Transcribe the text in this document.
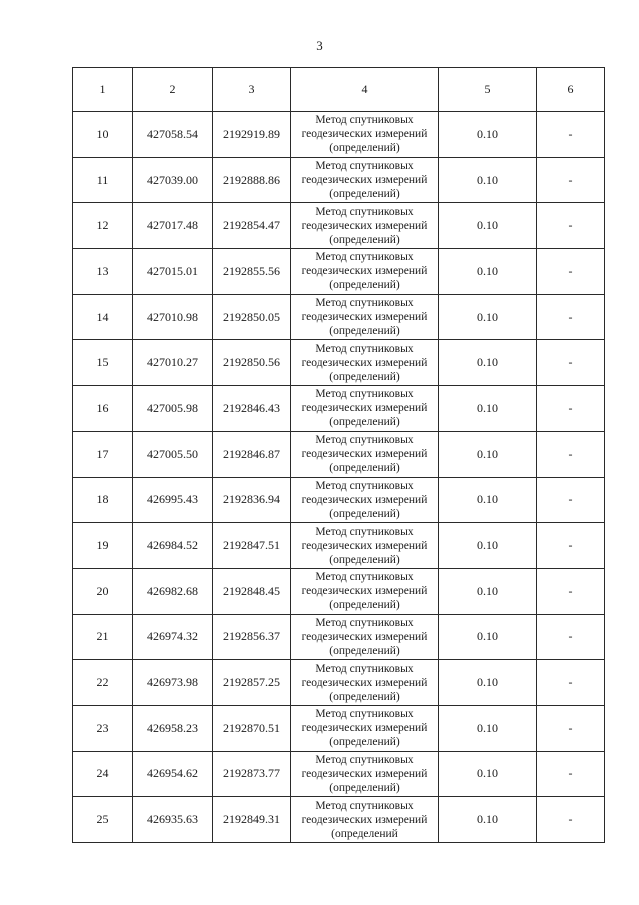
3
1	2	3	4	5	6
10	427058.54	2192919.89	Метод спутниковых
геодезических измерений
(определений)	0.10	-
11	427039.00	2192888.86	Метод спутниковых
геодезических измерений
(определений)	0.10	-
12	427017.48	2192854.47	Метод спутниковых
геодезических измерений
(определений)	0.10	-
13	427015.01	2192855.56	Метод спутниковых
геодезических измерений
(определений)	0.10	-
14	427010.98	2192850.05	Метод спутниковых
геодезических измерений
(определений)	0.10	-
15	427010.27	2192850.56	Метод спутниковых
геодезических измерений
(определений)	0.10	-
16	427005.98	2192846.43	Метод спутниковых
геодезических измерений
(определений)	0.10	-
17	427005.50	2192846.87	Метод спутниковых
геодезических измерений
(определений)	0.10	-
18	426995.43	2192836.94	Метод спутниковых
геодезических измерений
(определений)	0.10	-
19	426984.52	2192847.51	Метод спутниковых
геодезических измерений
(определений)	0.10	-
20	426982.68	2192848.45	Метод спутниковых
геодезических измерений
(определений)	0.10	-
21	426974.32	2192856.37	Метод спутниковых
геодезических измерений
(определений)	0.10	-
22	426973.98	2192857.25	Метод спутниковых
геодезических измерений
(определений)	0.10	-
23	426958.23	2192870.51	Метод спутниковых
геодезических измерений
(определений)	0.10	-
24	426954.62	2192873.77	Метод спутниковых
геодезических измерений
(определений)	0.10	-
25	426935.63	2192849.31	Метод спутниковых
геодезических измерений
(определений	0.10	-
